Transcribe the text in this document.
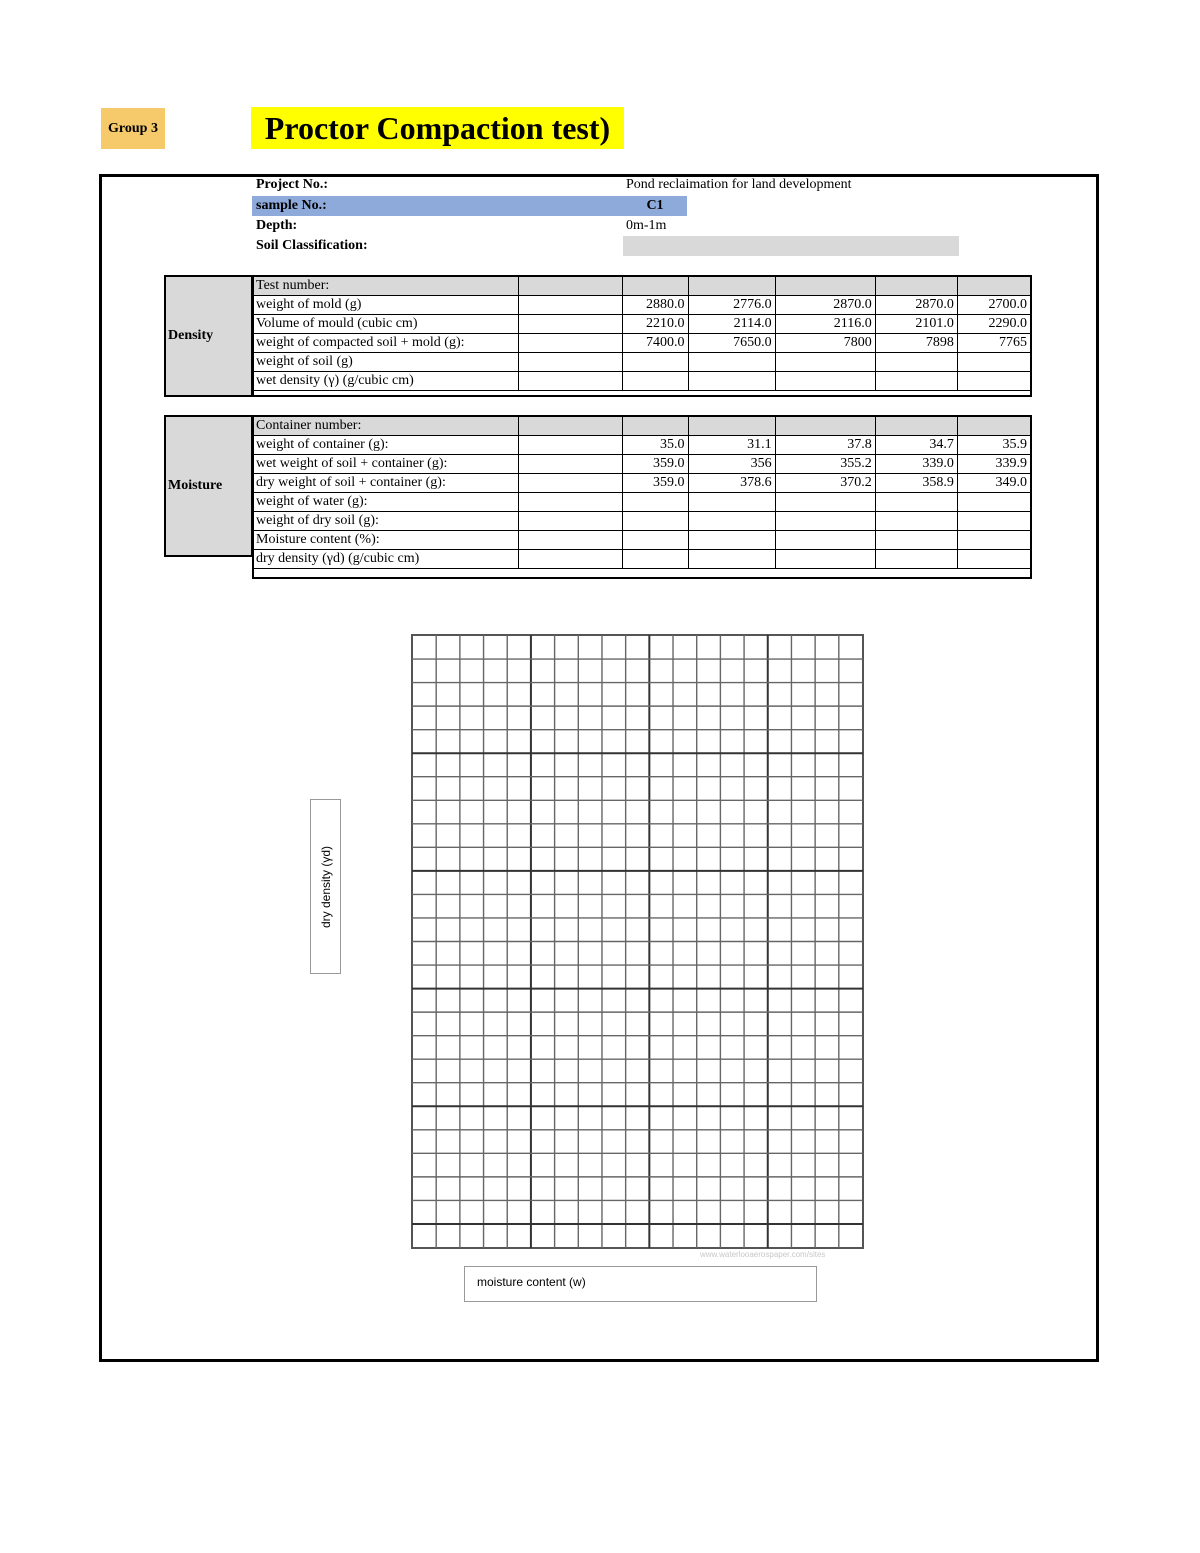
Group 3	Proctor Compaction test)
Project No.:	Pond reclaimation for land development
sample No.:	C1
Depth:	0m-1m
Soil Classification:
Density
Test number:						
weight of mold (g)		2880.0	2776.0	2870.0	2870.0	2700.0
Volume of mould (cubic cm)		2210.0	2114.0	2116.0	2101.0	2290.0
weight of compacted soil + mold (g):		7400.0	7650.0	7800	7898	7765
weight of soil (g)						
wet density (γ) (g/cubic cm)						
Moisture
Container number:						
weight of container (g):		35.0	31.1	37.8	34.7	35.9
wet weight of soil + container (g):		359.0	356	355.2	339.0	339.9
dry weight of soil + container (g):		359.0	378.6	370.2	358.9	349.0
weight of water (g):						
weight of dry soil (g):						
Moisture content (%):						
dry density (γd) (g/cubic cm)						
www.waterlooaerospaper.com/sites
dry density (γd)
moisture content (w)
